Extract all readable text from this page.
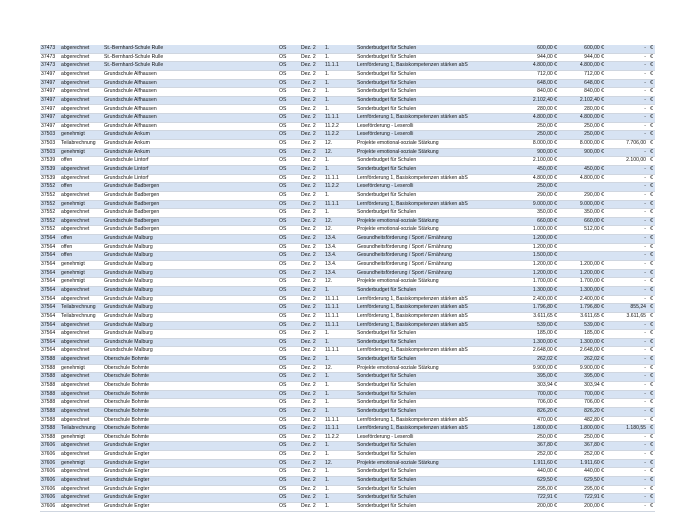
37473	abgerechnet	St.-Bernhard-Schule Rulle	OS	Dez. 2	1.	Sonderbudget für Schulen	600,00 €	600,00 €	-	€
37473	abgerechnet	St.-Bernhard-Schule Rulle	OS	Dez. 2	1.	Sonderbudget für Schulen	944,00 €	944,00 €	-	€
37473	abgerechnet	St.-Bernhard-Schule Rulle	OS	Dez. 2	11.1.1	Lernförderung 1, Basiskompetenzen stärken abS	4.800,00 €	4.800,00 €	-	€
37497	abgerechnet	Grundschule Alfhausen	OS	Dez. 2	1.	Sonderbudget für Schulen	712,00 €	712,00 €	-	€
37497	abgerechnet	Grundschule Alfhausen	OS	Dez. 2	1.	Sonderbudget für Schulen	648,00 €	648,00 €	-	€
37497	abgerechnet	Grundschule Alfhausen	OS	Dez. 2	1.	Sonderbudget für Schulen	840,00 €	840,00 €	-	€
37497	abgerechnet	Grundschule Alfhausen	OS	Dez. 2	1.	Sonderbudget für Schulen	2.102,40 €	2.102,40 €	-	€
37497	abgerechnet	Grundschule Alfhausen	OS	Dez. 2	1.	Sonderbudget für Schulen	280,00 €	280,00 €	-	€
37497	abgerechnet	Grundschule Alfhausen	OS	Dez. 2	11.1.1	Lernförderung 1, Basiskompetenzen stärken abS	4.800,00 €	4.800,00 €	-	€
37497	abgerechnet	Grundschule Alfhausen	OS	Dez. 2	11.2.2	Leseförderung - Leserolli	250,00 €	250,00 €	-	€
37503	genehmigt	Grundschule Ankum	OS	Dez. 2	11.2.2	Leseförderung - Leserolli	250,00 €	250,00 €	-	€
37503	Teilabrechnung	Grundschule Ankum	OS	Dez. 2	12.	Projekte emotional-soziale Stärkung	8.000,00 €	8.000,00 €	7.706,00	€
37503	genehmigt	Grundschule Ankum	OS	Dez. 2	12.	Projekte emotional-soziale Stärkung	900,00 €	900,00 €	-	€
37539	offen	Grundschule Lintorf	OS	Dez. 2	1.	Sonderbudget für Schulen	2.100,00 €		2.100,00	€
37539	abgerechnet	Grundschule Lintorf	OS	Dez. 2	1.	Sonderbudget für Schulen	450,00 €	450,00 €	-	€
37539	abgerechnet	Grundschule Lintorf	OS	Dez. 2	11.1.1	Lernförderung 1, Basiskompetenzen stärken abS	4.800,00 €	4.800,00 €	-	€
37552	offen	Grundschule Badbergen	OS	Dez. 2	11.2.2	Leseförderung - Leserolli	250,00 €		-	€
37552	abgerechnet	Grundschule Badbergen	OS	Dez. 2	1.	Sonderbudget für Schulen	290,00 €	290,00 €	-	€
37552	genehmigt	Grundschule Badbergen	OS	Dez. 2	11.1.1	Lernförderung 1, Basiskompetenzen stärken abS	9.000,00 €	9.000,00 €	-	€
37552	abgerechnet	Grundschule Badbergen	OS	Dez. 2	1.	Sonderbudget für Schulen	350,00 €	350,00 €	-	€
37552	abgerechnet	Grundschule Badbergen	OS	Dez. 2	12.	Projekte emotional-soziale Stärkung	660,00 €	660,00 €	-	€
37552	abgerechnet	Grundschule Badbergen	OS	Dez. 2	12.	Projekte emotional-soziale Stärkung	1.000,00 €	512,00 €	-	€
37564	offen	Grundschule Malburg	OS	Dez. 2	13.4.	Gesundheitsförderung / Sport / Ernährung	1.200,00 €		-	€
37564	offen	Grundschule Malburg	OS	Dez. 2	13.4.	Gesundheitsförderung / Sport / Ernährung	1.200,00 €		-	€
37564	offen	Grundschule Malburg	OS	Dez. 2	13.4.	Gesundheitsförderung / Sport / Ernährung	1.500,00 €		-	€
37564	genehmigt	Grundschule Malburg	OS	Dez. 2	13.4.	Gesundheitsförderung / Sport / Ernährung	1.200,00 €	1.200,00 €	-	€
37564	genehmigt	Grundschule Malburg	OS	Dez. 2	13.4.	Gesundheitsförderung / Sport / Ernährung	1.200,00 €	1.200,00 €	-	€
37564	genehmigt	Grundschule Malburg	OS	Dez. 2	12.	Projekte emotional-soziale Stärkung	1.700,00 €	1.700,00 €	-	€
37564	abgerechnet	Grundschule Malburg	OS	Dez. 2	1.	Sonderbudget für Schulen	1.300,00 €	1.300,00 €	-	€
37564	abgerechnet	Grundschule Malburg	OS	Dez. 2	11.1.1	Lernförderung 1, Basiskompetenzen stärken abS	2.400,00 €	2.400,00 €	-	€
37564	Teilabrechnung	Grundschule Malburg	OS	Dez. 2	11.1.1	Lernförderung 1, Basiskompetenzen stärken abS	1.796,80 €	1.796,80 €	855,24	€
37564	Teilabrechnung	Grundschule Malburg	OS	Dez. 2	11.1.1	Lernförderung 1, Basiskompetenzen stärken abS	3.611,65 €	3.611,65 €	3.611,65	€
37564	abgerechnet	Grundschule Malburg	OS	Dez. 2	11.1.1	Lernförderung 1, Basiskompetenzen stärken abS	539,00 €	539,00 €	-	€
37564	abgerechnet	Grundschule Malburg	OS	Dez. 2	1.	Sonderbudget für Schulen	185,00 €	185,00 €	-	€
37564	abgerechnet	Grundschule Malburg	OS	Dez. 2	1.	Sonderbudget für Schulen	1.300,00 €	1.300,00 €	-	€
37564	abgerechnet	Grundschule Malburg	OS	Dez. 2	11.1.1	Lernförderung 1, Basiskompetenzen stärken abS	2.648,00 €	2.648,00 €	-	€
37588	abgerechnet	Oberschule Bohmte	OS	Dez. 2	1.	Sonderbudget für Schulen	262,02 €	262,02 €	-	€
37588	genehmigt	Oberschule Bohmte	OS	Dez. 2	12.	Projekte emotional-soziale Stärkung	9.900,00 €	9.900,00 €	-	€
37588	abgerechnet	Oberschule Bohmte	OS	Dez. 2	1.	Sonderbudget für Schulen	395,00 €	395,00 €	-	€
37588	abgerechnet	Oberschule Bohmte	OS	Dez. 2	1.	Sonderbudget für Schulen	303,94 €	303,94 €	-	€
37588	abgerechnet	Oberschule Bohmte	OS	Dez. 2	1.	Sonderbudget für Schulen	700,00 €	700,00 €	-	€
37588	abgerechnet	Oberschule Bohmte	OS	Dez. 2	1.	Sonderbudget für Schulen	706,00 €	706,00 €	-	€
37588	abgerechnet	Oberschule Bohmte	OS	Dez. 2	1.	Sonderbudget für Schulen	826,20 €	826,20 €	-	€
37588	abgerechnet	Oberschule Bohmte	OS	Dez. 2	11.1.1	Lernförderung 1, Basiskompetenzen stärken abS	470,00 €	482,80 €	-	€
37588	Teilabrechnung	Oberschule Bohmte	OS	Dez. 2	11.1.1	Lernförderung 1, Basiskompetenzen stärken abS	1.800,00 €	1.800,00 €	1.180,55	€
37588	genehmigt	Oberschule Bohmte	OS	Dez. 2	11.2.2	Leseförderung - Leserolli	250,00 €	250,00 €	-	€
37606	abgerechnet	Grundschule Engter	OS	Dez. 2	1.	Sonderbudget für Schulen	367,80 €	367,80 €	-	€
37606	abgerechnet	Grundschule Engter	OS	Dez. 2	1.	Sonderbudget für Schulen	252,00 €	252,00 €	-	€
37606	genehmigt	Grundschule Engter	OS	Dez. 2	12.	Projekte emotional-soziale Stärkung	1.911,60 €	1.911,60 €	-	€
37606	abgerechnet	Grundschule Engter	OS	Dez. 2	1.	Sonderbudget für Schulen	440,00 €	440,00 €	-	€
37606	abgerechnet	Grundschule Engter	OS	Dez. 2	1.	Sonderbudget für Schulen	629,50 €	629,50 €	-	€
37606	abgerechnet	Grundschule Engter	OS	Dez. 2	1.	Sonderbudget für Schulen	295,00 €	295,00 €	-	€
37606	abgerechnet	Grundschule Engter	OS	Dez. 2	1.	Sonderbudget für Schulen	722,91 €	722,91 €	-	€
37606	abgerechnet	Grundschule Engter	OS	Dez. 2	1.	Sonderbudget für Schulen	200,00 €	200,00 €	-	€
